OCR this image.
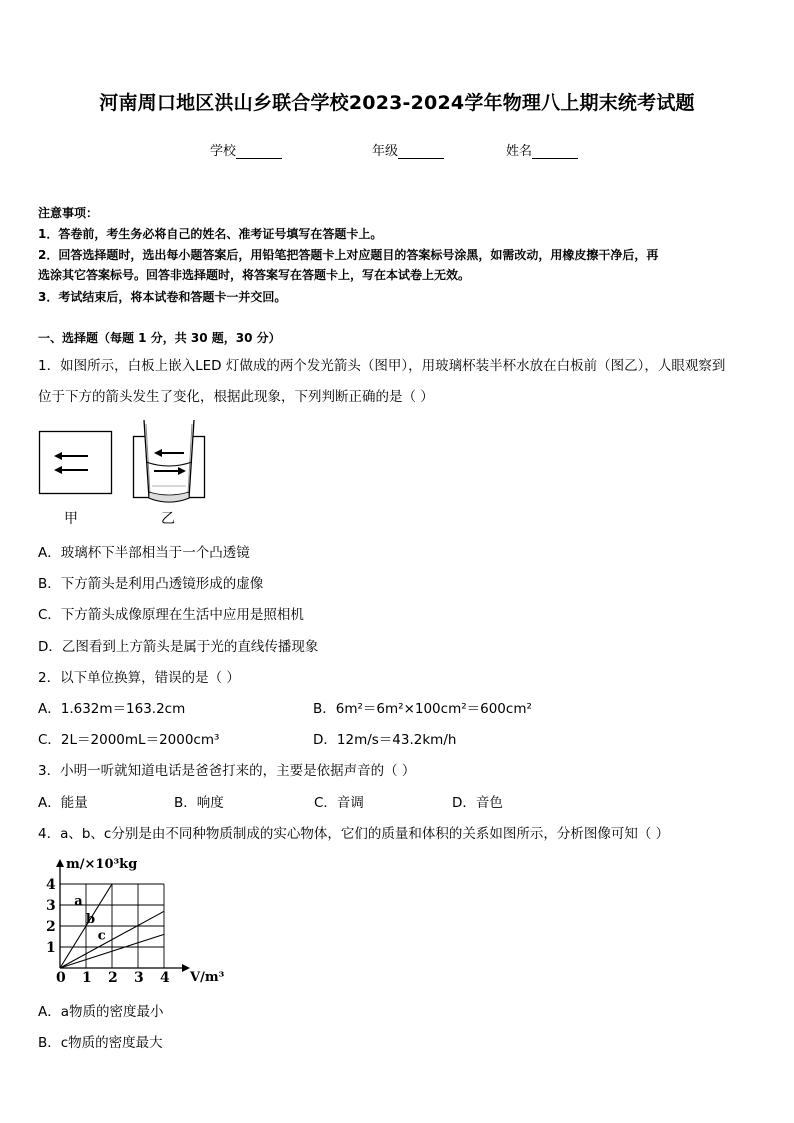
河南周口地区洪山乡联合学校2023-2024学年物理八上期末统考试题
学校	年级	姓名
注意事项：
1．答卷前，考生务必将自己的姓名、准考证号填写在答题卡上。
2．回答选择题时，选出每小题答案后，用铅笔把答题卡上对应题目的答案标号涂黑，如需改动，用橡皮擦干净后，再
选涂其它答案标号。回答非选择题时，将答案写在答题卡上，写在本试卷上无效。
3．考试结束后，将本试卷和答题卡一并交回。
一、选择题（每题 1 分，共 30 题，30 分）
1．如图所示，白板上嵌入LED 灯做成的两个发光箭头（图甲），用玻璃杯装半杯水放在白板前（图乙），人眼观察到
位于下方的箭头发生了变化，根据此现象，下列判断正确的是（ ）
甲	乙
A．玻璃杯下半部相当于一个凸透镜
B．下方箭头是利用凸透镜形成的虚像
C．下方箭头成像原理在生活中应用是照相机
D．乙图看到上方箭头是属于光的直线传播现象
2．以下单位换算，错误的是（ ）
A．1.632m＝163.2cm	B．6m²＝6m²×100cm²＝600cm²
C．2L＝2000mL＝2000cm³	D．12m/s＝43.2km/h
3．小明一听就知道电话是爸爸打来的，主要是依据声音的（ ）
A．能量	B．响度	C．音调	D．音色
4．a、b、c分别是由不同种物质制成的实心物体，它们的质量和体积的关系如图所示，分析图像可知（ ）
a
b
c
0 1 2 3 4
1
2
3
4
m/×10³kg
V/m³
A．a物质的密度最小
B．c物质的密度最大
